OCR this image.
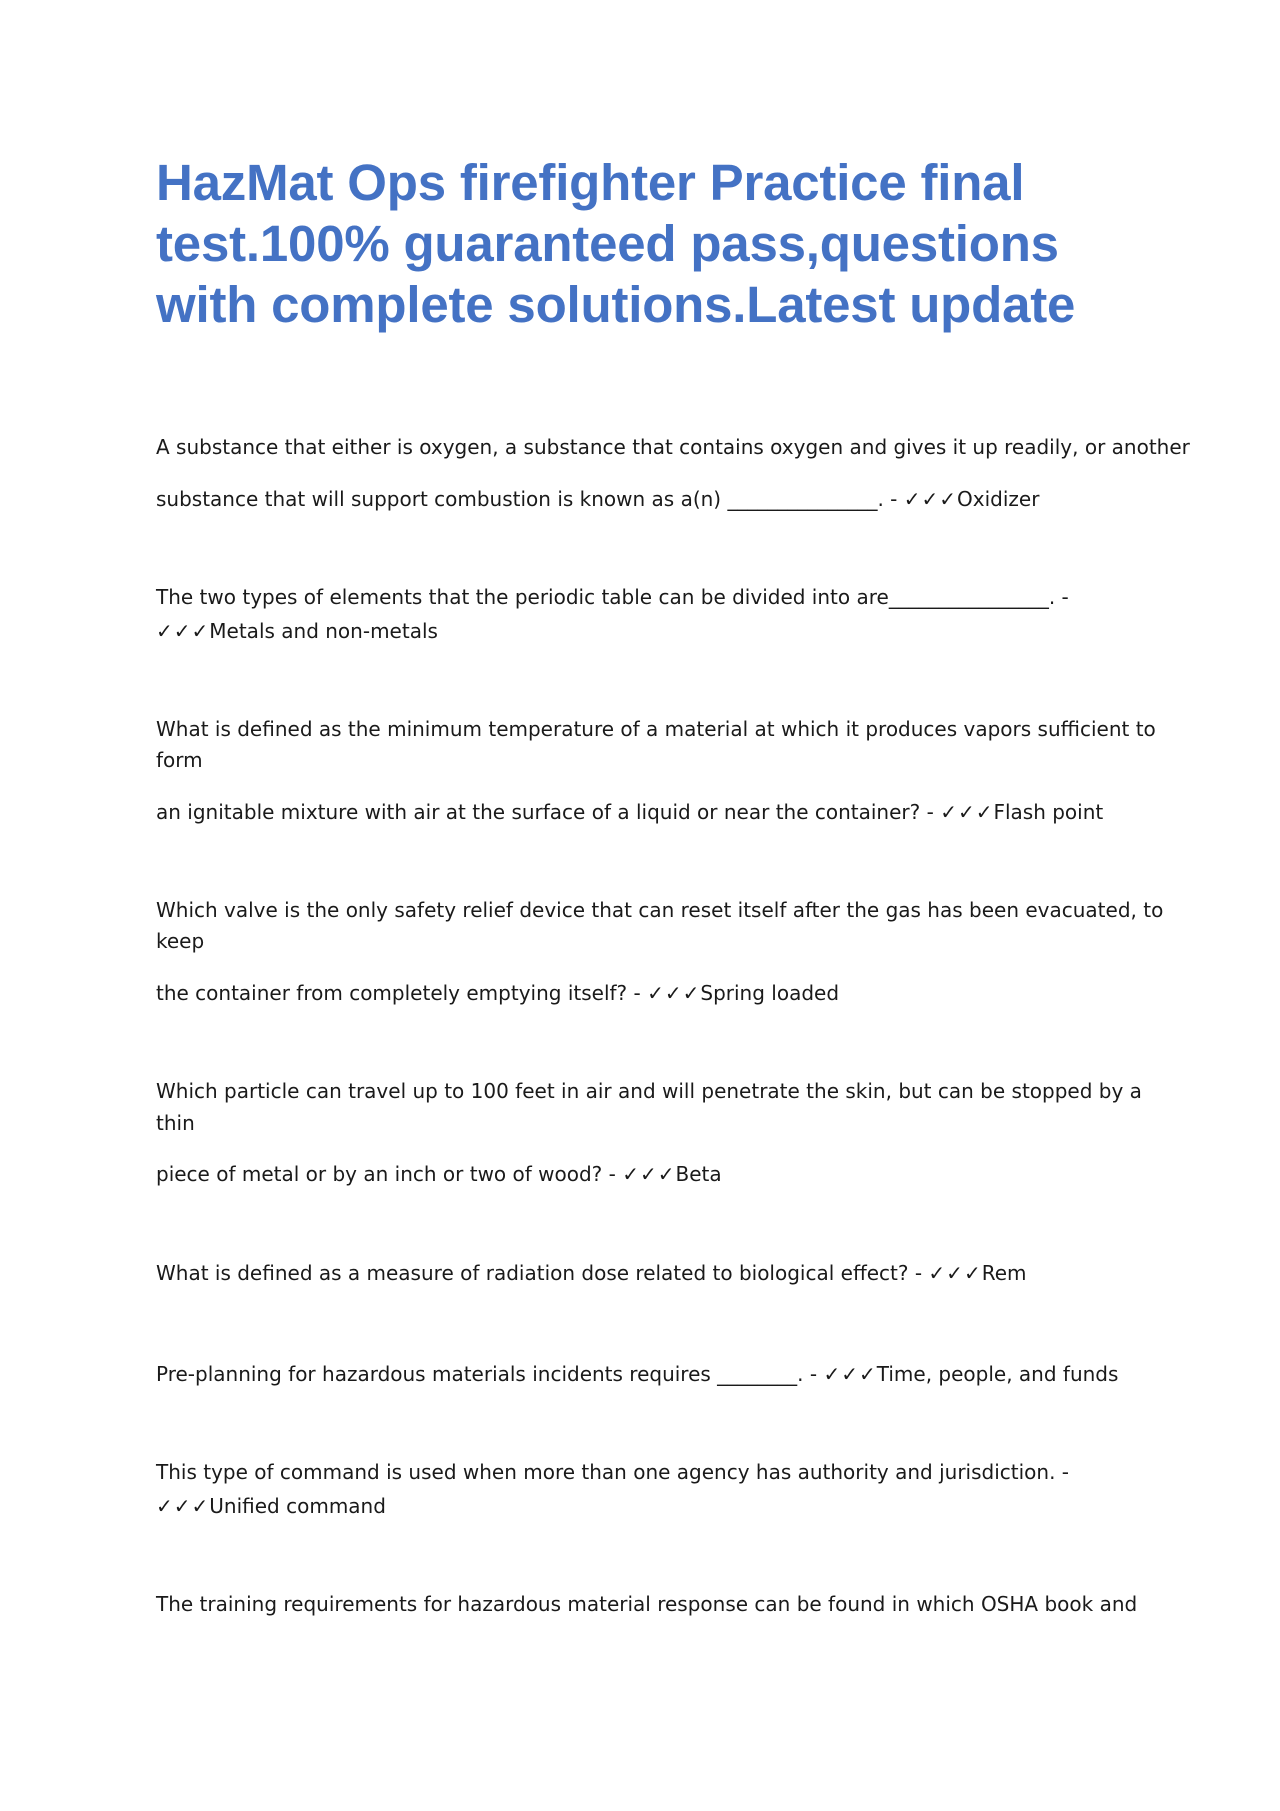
HazMat Ops firefighter Practice final
test.100% guaranteed pass,questions
with complete solutions.Latest update
A substance that either is oxygen, a substance that contains oxygen and gives it up readily, or another
substance that will support combustion is known as a(n) _______________. - ✓✓✓Oxidizer
The two types of elements that the periodic table can be divided into are________________. -
✓✓✓Metals and non-metals
What is defined as the minimum temperature of a material at which it produces vapors sufficient to
form
an ignitable mixture with air at the surface of a liquid or near the container? - ✓✓✓Flash point
Which valve is the only safety relief device that can reset itself after the gas has been evacuated, to
keep
the container from completely emptying itself? - ✓✓✓Spring loaded
Which particle can travel up to 100 feet in air and will penetrate the skin, but can be stopped by a
thin
piece of metal or by an inch or two of wood? - ✓✓✓Beta
What is defined as a measure of radiation dose related to biological effect? - ✓✓✓Rem
Pre-planning for hazardous materials incidents requires ________. - ✓✓✓Time, people, and funds
This type of command is used when more than one agency has authority and jurisdiction. -
✓✓✓Unified command
The training requirements for hazardous material response can be found in which OSHA book and
